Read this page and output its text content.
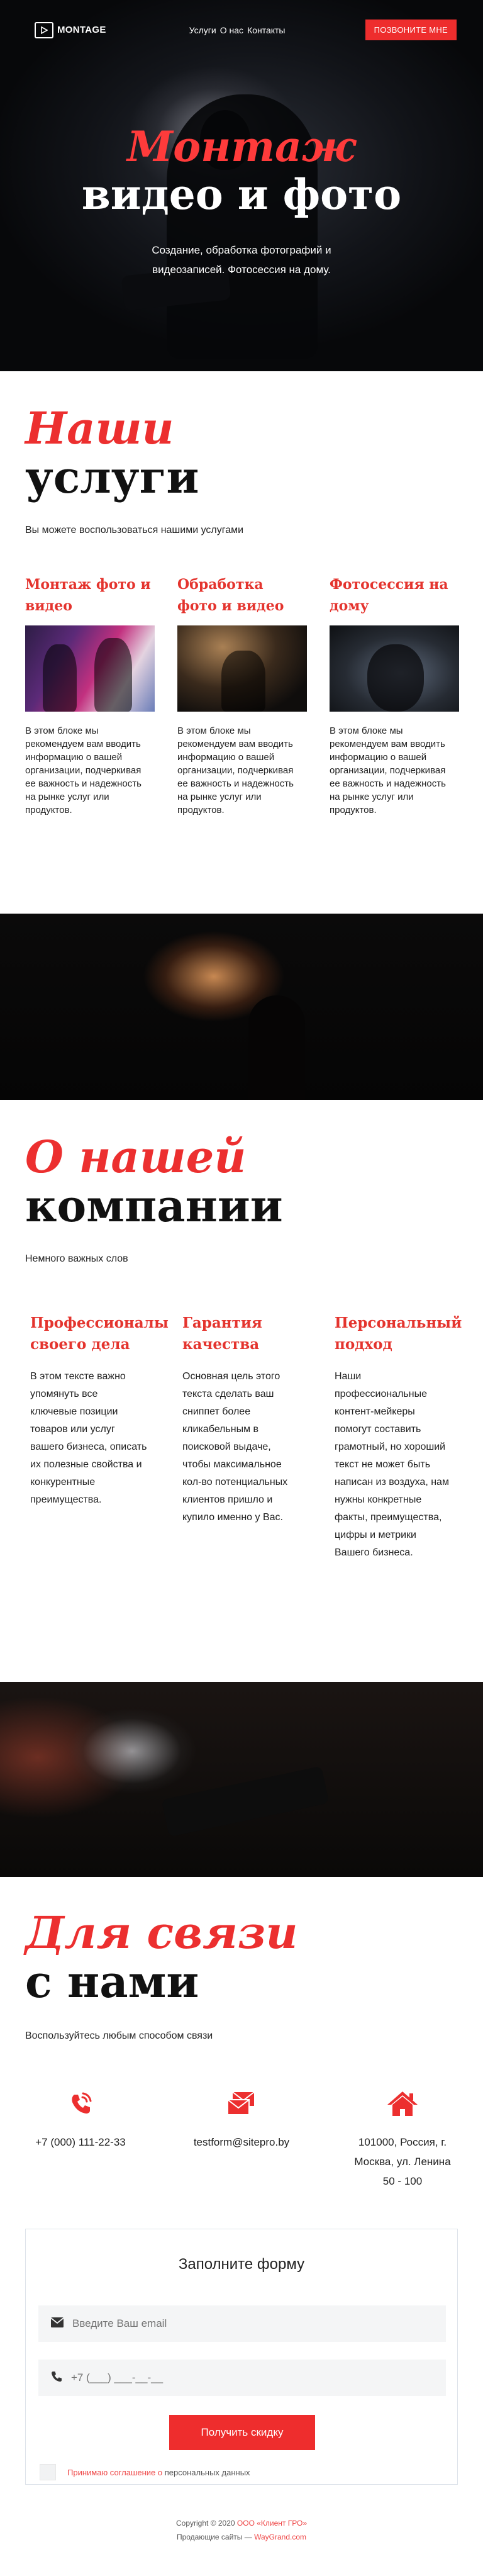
MONTAGE	Услуги О нас Контакты	ПОЗВОНИТЕ МНЕ
Монтаж
видео и фото
Создание, обработка фотографий и
видеозаписей. Фотосессия на дому.
Наши
услуги

Вы можете воспользоваться нашими услугами

Монтаж фото и видео

В этом блоке мы рекомендуем вам вводить информацию о вашей организации, подчеркивая ее важность и надежность на рынке услуг или продуктов.

Обработка фото и видео

В этом блоке мы рекомендуем вам вводить информацию о вашей организации, подчеркивая ее важность и надежность на рынке услуг или продуктов.

Фотосессия на дому

В этом блоке мы рекомендуем вам вводить информацию о вашей организации, подчеркивая ее важность и надежность на рынке услуг или продуктов.

О нашей
компании

Немного важных слов

Профессионалы своего дела

В этом тексте важно упомянуть все ключевые позиции товаров или услуг вашего бизнеса, описать их полезные свойства и конкурентные преимущества.

Гарантия качества

Основная цель этого текста сделать ваш сниппет более кликабельным в поисковой выдаче, чтобы максимальное кол-во потенциальных клиентов пришло и купило именно у Вас.

Персональный подход

Наши профессиональные контент-мейкеры помогут составить грамотный, но хороший текст не может быть написан из воздуха, нам нужны конкретные факты, преимущества, цифры и метрики Вашего бизнеса.

Для связи
с нами

Воспользуйтесь любым способом связи

+7 (000) 111-22-33	testform@sitepro.by	101000, Россия, г.
Москва, ул. Ленина
50 - 100
Заполните форму
Введите Ваш email
+7 (___) ___-__-__
Получить скидку
Принимаю соглашение о персональных данных
Copyright © 2020 ООО «Клиент ГРО»
Продающие сайты — WayGrand.com
